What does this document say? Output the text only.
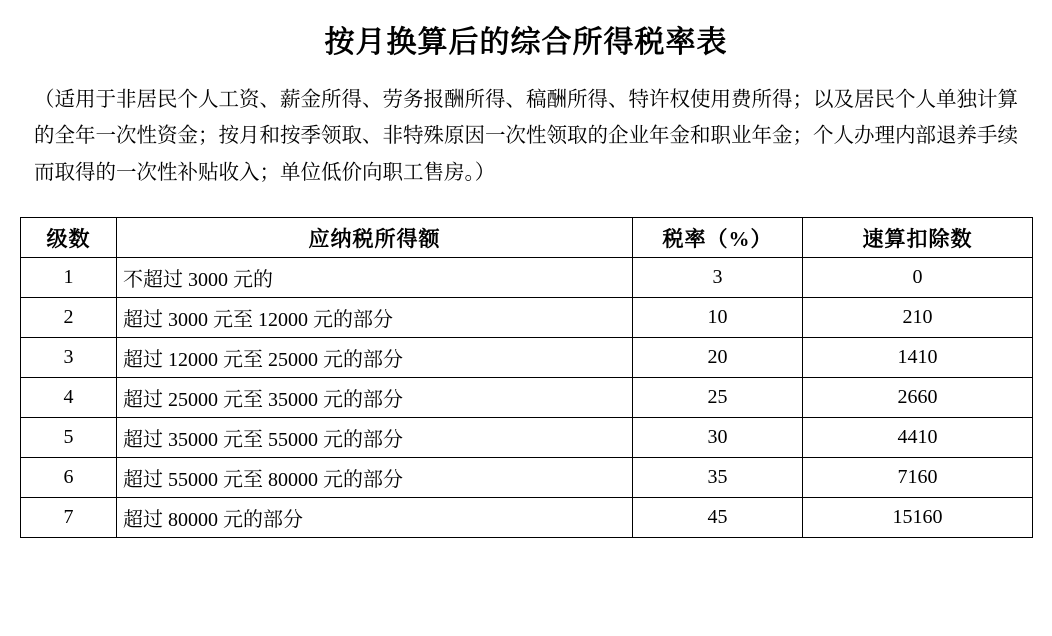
按月换算后的综合所得税率表

（适用于非居民个人工资、薪金所得、劳务报酬所得、稿酬所得、特许权使用费所得；以及居民个人单独计算的全年一次性资金；按月和按季领取、非特殊原因一次性领取的企业年金和职业年金；个人办理内部退养手续而取得的一次性补贴收入；单位低价向职工售房。）

级数	应纳税所得额	税率（%）	速算扣除数
1	不超过 3000 元的	3	0
2	超过 3000 元至 12000 元的部分	10	210
3	超过 12000 元至 25000 元的部分	20	1410
4	超过 25000 元至 35000 元的部分	25	2660
5	超过 35000 元至 55000 元的部分	30	4410
6	超过 55000 元至 80000 元的部分	35	7160
7	超过 80000 元的部分	45	15160
